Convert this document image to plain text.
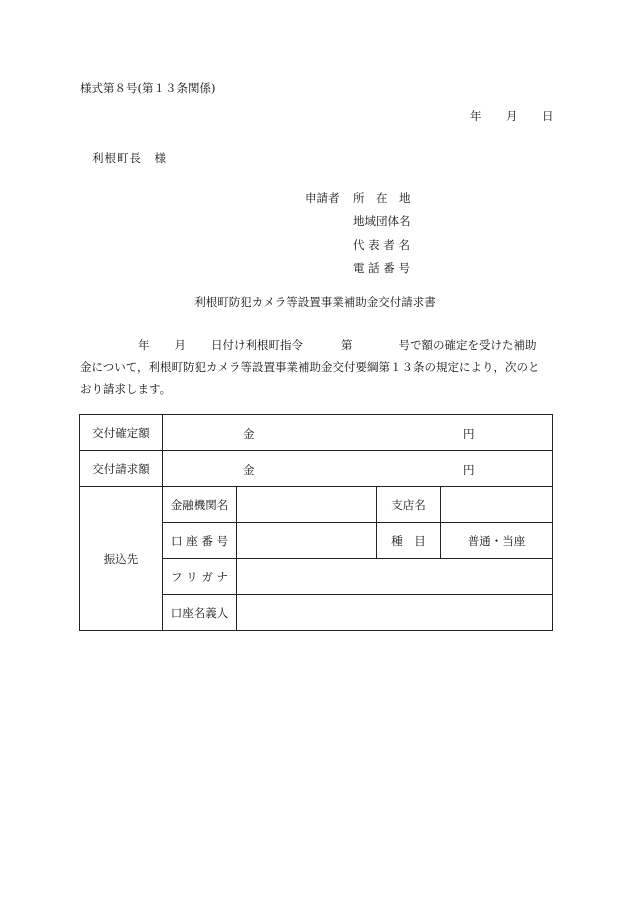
様式第８号(第１３条関係)
年 月 日
利根町長　様
申請者 所　在　地
地域団体名
代 表 者 名
電 話 番 号
利根町防犯カメラ等設置事業補助金交付請求書
年 月 日付け利根町指令	第	号で額の確定を受けた補助
金について，利根町防犯カメラ等設置事業補助金交付要綱第１３条の規定により，次のと
おり請求します。
交付確定額	金 円			

交付請求額	金 円			

振込先	金融機関名		支店名	
	口 座 番 号		種　目	普通・当座
	フ リ ガ ナ			
	口座名義人			
